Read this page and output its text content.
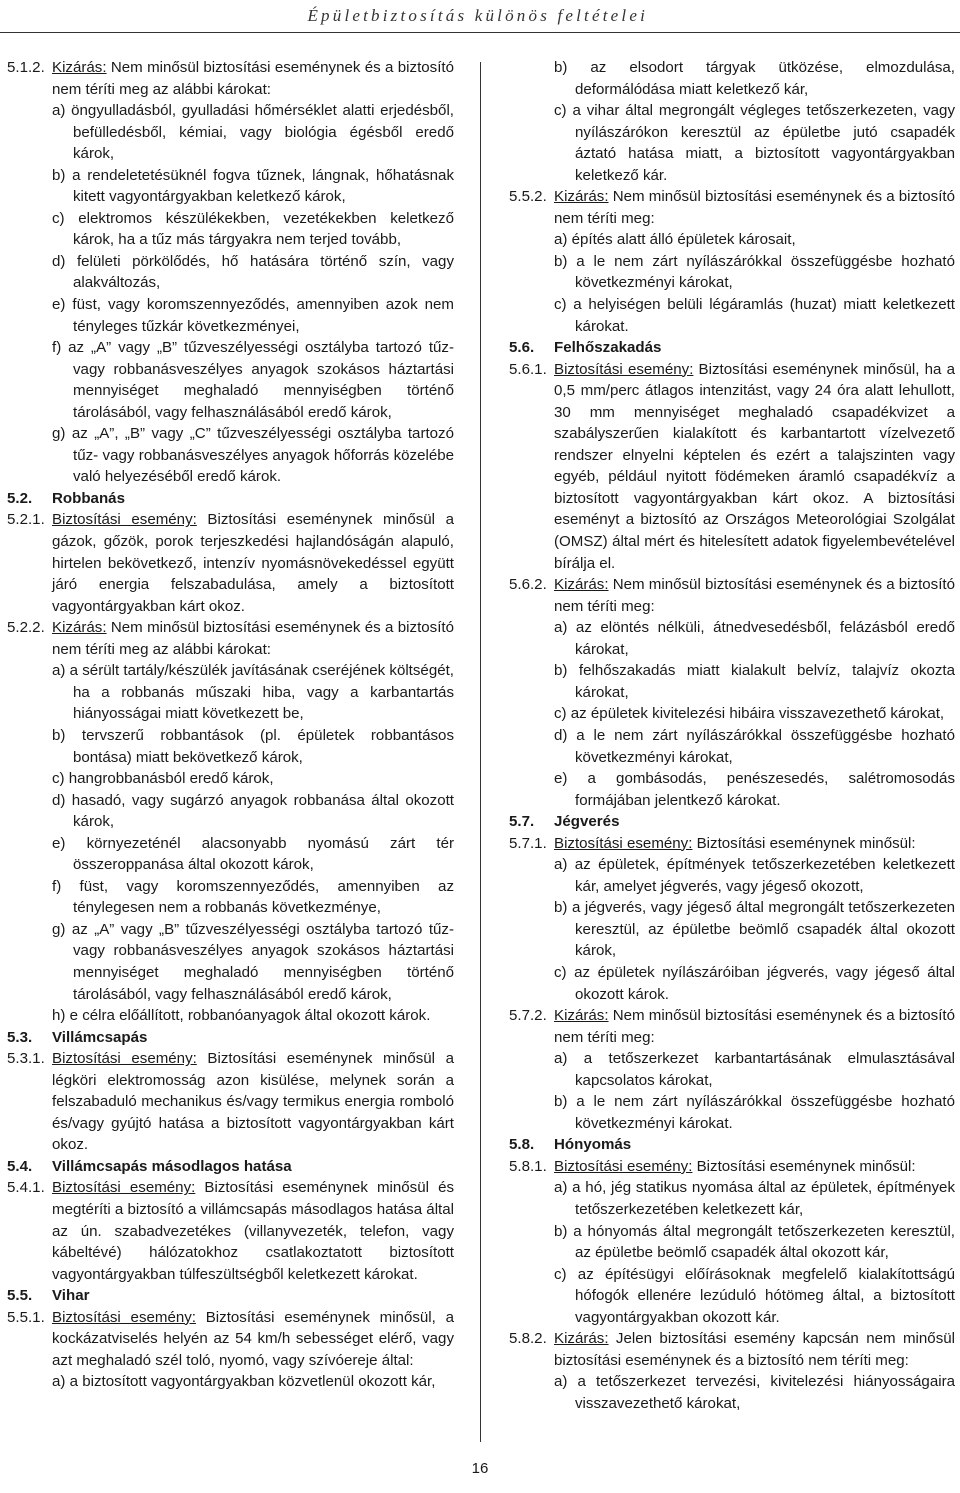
Épületbiztosítás különös feltételei
5.1.2. Kizárás: Nem minősül biztosítási eseménynek és a biztosító nem téríti meg az alábbi károkat:
a) öngyulladásból, gyulladási hőmérséklet alatti erjedésből, befülledésből, kémiai, vagy biológia égésből eredő károk,
b) a rendeletetésüknél fogva tűznek, lángnak, hőhatásnak kitett vagyontárgyakban keletkező károk,
c) elektromos készülékekben, vezetékekben keletkező károk, ha a tűz más tárgyakra nem terjed tovább,
d) felületi pörkölődés, hő hatására történő szín, vagy alakváltozás,
e) füst, vagy koromszennyeződés, amennyiben azok nem tényleges tűzkár következményei,
f) az „A” vagy „B” tűzveszélyességi osztályba tartozó tűz- vagy robbanásveszélyes anyagok szokásos háztartási mennyiséget meghaladó mennyiségben történő tárolásából, vagy felhasználásából eredő károk,
g) az „A”, „B” vagy „C” tűzveszélyességi osztályba tartozó tűz- vagy robbanásveszélyes anyagok hőforrás közelébe való helyezéséből eredő károk.
5.2. Robbanás
5.2.1. Biztosítási esemény: Biztosítási eseménynek minősül a gázok, gőzök, porok terjeszkedési hajlandóságán alapuló, hirtelen bekövetkező, intenzív nyomásnövekedéssel együtt járó energia felszabadulása, amely a biztosított vagyontárgyakban kárt okoz.
5.2.2. Kizárás: Nem minősül biztosítási eseménynek és a biztosító nem téríti meg az alábbi károkat:
a) a sérült tartály/készülék javításának cseréjének költségét, ha a robbanás műszaki hiba, vagy a karbantartás hiányosságai miatt következett be,
b) tervszerű robbantások (pl. épületek robbantásos bontása) miatt bekövetkező károk,
c) hangrobbanásból eredő károk,
d) hasadó, vagy sugárzó anyagok robbanása által okozott károk,
e) környezeténél alacsonyabb nyomású zárt tér összeroppanása által okozott károk,
f) füst, vagy koromszennyeződés, amennyiben az ténylegesen nem a robbanás következménye,
g) az „A” vagy „B” tűzveszélyességi osztályba tartozó tűz- vagy robbanásveszélyes anyagok szokásos háztartási mennyiséget meghaladó mennyiségben történő tárolásából, vagy felhasználásából eredő károk,
h) e célra előállított, robbanóanyagok által okozott károk.
5.3. Villámcsapás
5.3.1. Biztosítási esemény: Biztosítási eseménynek minősül a légköri elektromosság azon kisülése, melynek során a felszabaduló mechanikus és/vagy termikus energia romboló és/vagy gyújtó hatása a biztosított vagyontárgyakban kárt okoz.
5.4. Villámcsapás másodlagos hatása
5.4.1. Biztosítási esemény: Biztosítási eseménynek minősül és megtéríti a biztosító a villámcsapás másodlagos hatása által az ún. szabadvezetékes (villanyvezeték, telefon, vagy kábeltévé) hálózatokhoz csatlakoztatott biztosított vagyontárgyakban túlfeszültségből keletkezett károkat.
5.5. Vihar
5.5.1. Biztosítási esemény: Biztosítási eseménynek minősül, a kockázatviselés helyén az 54 km/h sebességet elérő, vagy azt meghaladó szél toló, nyomó, vagy szívóereje által:
a) a biztosított vagyontárgyakban közvetlenül okozott kár,
b) az elsodort tárgyak ütközése, elmozdulása, deformálódása miatt keletkező kár,
c) a vihar által megrongált végleges tetőszerkezeten, vagy nyílászárókon keresztül az épületbe jutó csapadék áztató hatása miatt, a biztosított vagyontárgyakban keletkező kár.
5.5.2. Kizárás: Nem minősül biztosítási eseménynek és a biztosító nem téríti meg:
a) építés alatt álló épületek károsait,
b) a le nem zárt nyílászárókkal összefüggésbe hozható következményi károkat,
c) a helyiségen belüli légáramlás (huzat) miatt keletkezett károkat.
5.6. Felhőszakadás
5.6.1. Biztosítási esemény: Biztosítási eseménynek minősül, ha a 0,5 mm/perc átlagos intenzitást, vagy 24 óra alatt lehullott, 30 mm mennyiséget meghaladó csapadékvizet a szabályszerűen kialakított és karbantartott vízelvezető rendszer elnyelni képtelen és ezért a talajszinten vagy egyéb, például nyitott födémeken áramló csapadékvíz a biztosított vagyontárgyakban kárt okoz. A biztosítási eseményt a biztosító az Országos Meteorológiai Szolgálat (OMSZ) által mért és hitelesített adatok figyelembevételével bírálja el.
5.6.2. Kizárás: Nem minősül biztosítási eseménynek és a biztosító nem téríti meg:
a) az elöntés nélküli, átnedvesedésből, felázásból eredő károkat,
b) felhőszakadás miatt kialakult belvíz, talajvíz okozta károkat,
c) az épületek kivitelezési hibáira visszavezethető károkat,
d) a le nem zárt nyílászárókkal összefüggésbe hozható következményi károkat,
e) a gombásodás, penészesedés, salétromosodás formájában jelentkező károkat.
5.7. Jégverés
5.7.1. Biztosítási esemény: Biztosítási eseménynek minősül:
a) az épületek, építmények tetőszerkezetében keletkezett kár, amelyet jégverés, vagy jégeső okozott,
b) a jégverés, vagy jégeső által megrongált tetőszerkezeten keresztül, az épületbe beömlő csapadék által okozott károk,
c) az épületek nyílászáróiban jégverés, vagy jégeső által okozott károk.
5.7.2. Kizárás: Nem minősül biztosítási eseménynek és a biztosító nem téríti meg:
a) a tetőszerkezet karbantartásának elmulasztásával kapcsolatos károkat,
b) a le nem zárt nyílászárókkal összefüggésbe hozható következményi károkat.
5.8. Hónyomás
5.8.1. Biztosítási esemény: Biztosítási eseménynek minősül:
a) a hó, jég statikus nyomása által az épületek, építmények tetőszerkezetében keletkezett kár,
b) a hónyomás által megrongált tetőszerkezeten keresztül, az épületbe beömlő csapadék által okozott kár,
c) az építésügyi előírásoknak megfelelő kialakítottságú hófogók ellenére lezúduló hótömeg által, a biztosított vagyontárgyakban okozott kár.
5.8.2. Kizárás: Jelen biztosítási esemény kapcsán nem minősül biztosítási eseménynek és a biztosító nem téríti meg:
a) a tetőszerkezet tervezési, kivitelezési hiányosságaira visszavezethető károkat,
16
